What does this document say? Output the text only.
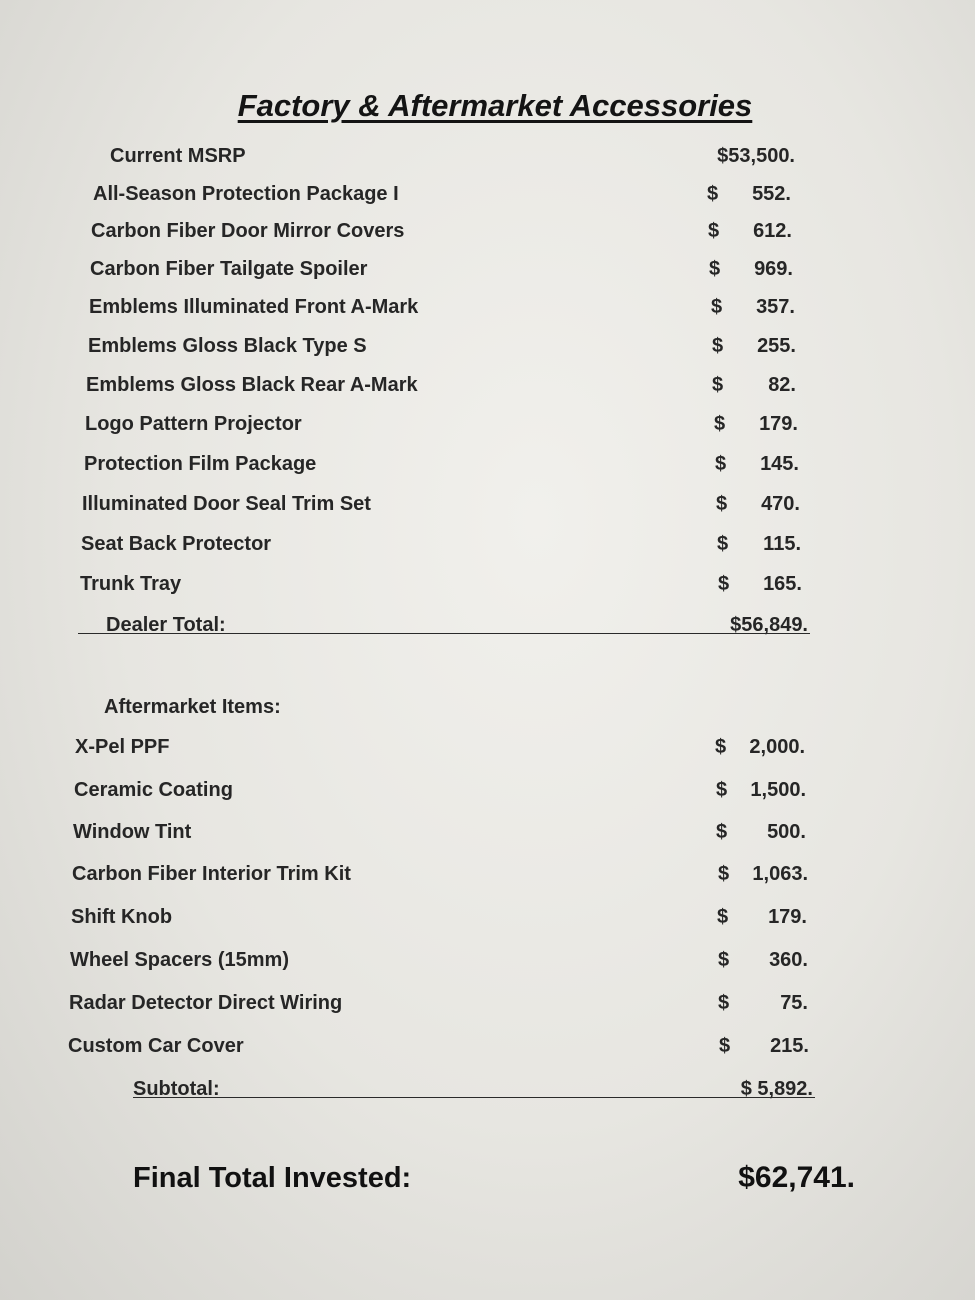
Factory & Aftermarket Accessories
Current MSRP	$53,500.
All-Season Protection Package I	$	552.
Carbon Fiber Door Mirror Covers	$	612.
Carbon Fiber Tailgate Spoiler	$	969.
Emblems Illuminated Front A-Mark	$	357.
Emblems Gloss Black Type S	$	255.
Emblems Gloss Black Rear A-Mark	$	82.
Logo Pattern Projector	$	179.
Protection Film Package	$	145.
Illuminated Door Seal Trim Set	$	470.
Seat Back Protector	$	115.
Trunk Tray	$	165.
Dealer Total:	$56,849.
Aftermarket Items:
X-Pel PPF	$	2,000.
Ceramic Coating	$	1,500.
Window Tint	$	500.
Carbon Fiber Interior Trim Kit	$	1,063.
Shift Knob	$	179.
Wheel Spacers (15mm)	$	360.
Radar Detector Direct Wiring	$	75.
Custom Car Cover	$	215.
Subtotal:	$ 5,892.
Final Total Invested:	$62,741.
